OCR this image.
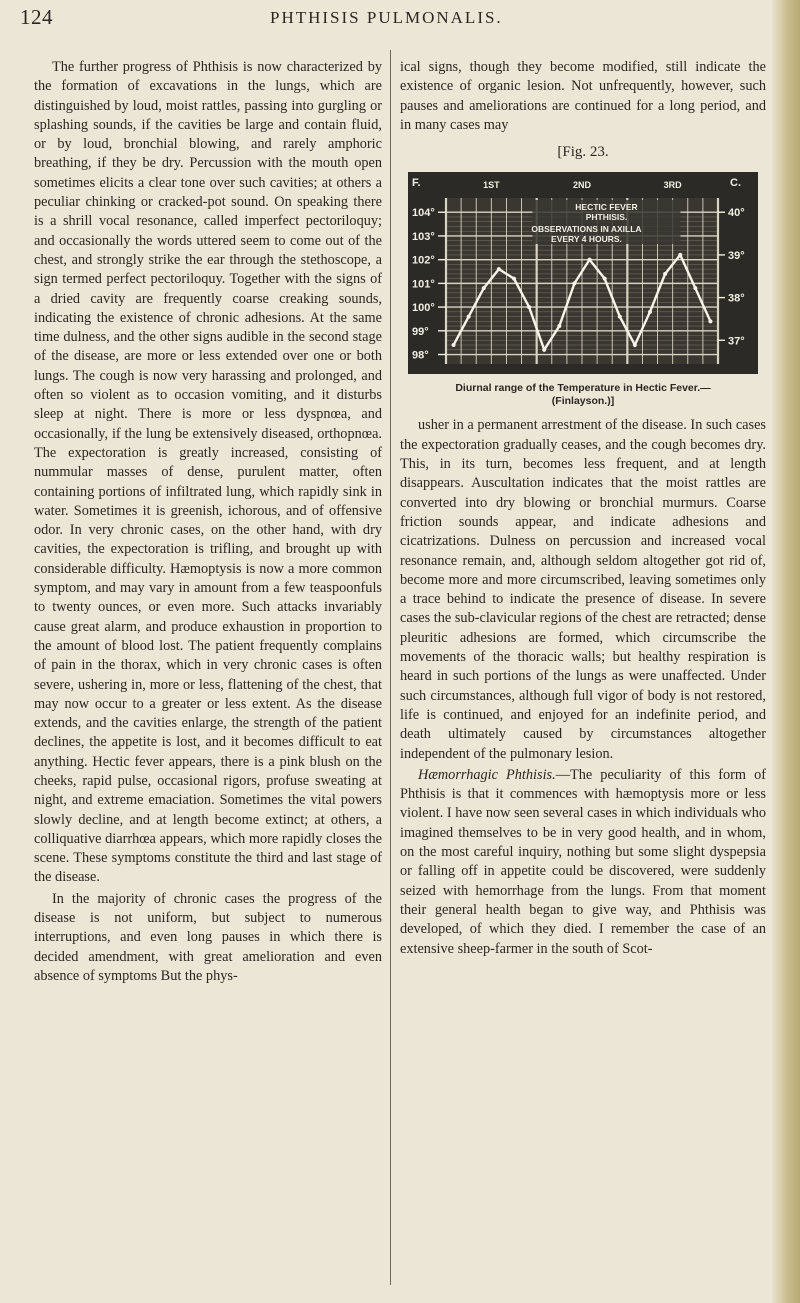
124	PHTHISIS PULMONALIS.

The further progress of Phthisis is now characterized by the formation of excavations in the lungs, which are distinguished by loud, moist rattles, passing into gurgling or splashing sounds, if the cavities be large and contain fluid, or by loud, bronchial blowing, and rarely amphoric breathing, if they be dry. Percussion with the mouth open sometimes elicits a clear tone over such cavities; at others a peculiar chinking or cracked-pot sound. On speaking there is a shrill vocal resonance, called imperfect pectoriloquy; and occasionally the words uttered seem to come out of the chest, and strongly strike the ear through the stethoscope, a sign termed perfect pectoriloquy. Together with the signs of a dried cavity are frequently coarse creaking sounds, indicating the existence of chronic adhesions. At the same time dulness, and the other signs audible in the second stage of the disease, are more or less extended over one or both lungs. The cough is now very harassing and prolonged, and often so violent as to occasion vomiting, and it disturbs sleep at night. There is more or less dyspnœa, and occasionally, if the lung be extensively diseased, orthopnœa. The expectoration is greatly increased, consisting of nummular masses of dense, purulent matter, often containing portions of infiltrated lung, which rapidly sink in water. Sometimes it is greenish, ichorous, and of offensive odor. In very chronic cases, on the other hand, with dry cavities, the expectoration is trifling, and brought up with considerable difficulty. Hæmoptysis is now a more common symptom, and may vary in amount from a few teaspoonfuls to twenty ounces, or even more. Such attacks invariably cause great alarm, and produce exhaustion in proportion to the amount of blood lost. The patient frequently complains of pain in the thorax, which in very chronic cases is often severe, ushering in, more or less, flattening of the chest, that may now occur to a greater or less extent. As the disease extends, and the cavities enlarge, the strength of the patient declines, the appetite is lost, and it becomes difficult to eat anything. Hectic fever appears, there is a pink blush on the cheeks, rapid pulse, occasional rigors, profuse sweating at night, and extreme emaciation. Sometimes the vital powers slowly decline, and at length become extinct; at others, a colliquative diarrhœa appears, which more rapidly closes the scene. These symptoms constitute the third and last stage of the disease.

In the majority of chronic cases the progress of the disease is not uniform, but subject to numerous interruptions, and even long pauses in which there is decided amendment, with great amelioration and even absence of symptoms But the phys-

ical signs, though they become modified, still indicate the existence of organic lesion. Not unfrequently, however, such pauses and ameliorations are continued for a long period, and in many cases may

[Fig. 23.
F.
104°
103°
102°
101°
100°
99°
98°
C.
40°
39°
38°
37°
1ST	2ND	3RD
HECTIC FEVER
PHTHISIS.
OBSERVATIONS IN AXILLA
EVERY 4 HOURS.
Diurnal range of the Temperature in Hectic Fever.—
(Finlayson.)]

usher in a permanent arrestment of the disease. In such cases the expectoration gradually ceases, and the cough becomes dry. This, in its turn, becomes less frequent, and at length disappears. Auscultation indicates that the moist rattles are converted into dry blowing or bronchial murmurs. Coarse friction sounds appear, and indicate adhesions and cicatrizations. Dulness on percussion and increased vocal resonance remain, and, although seldom altogether got rid of, become more and more circumscribed, leaving sometimes only a trace behind to indicate the presence of disease. In severe cases the sub-clavicular regions of the chest are retracted; dense pleuritic adhesions are formed, which circumscribe the movements of the thoracic walls; but healthy respiration is heard in such portions of the lungs as were unaffected. Under such circumstances, although full vigor of body is not restored, life is continued, and enjoyed for an indefinite period, and death ultimately caused by circumstances altogether independent of the pulmonary lesion.

Hæmorrhagic Phthisis.—The peculiarity of this form of Phthisis is that it commences with hæmoptysis more or less violent. I have now seen several cases in which individuals who imagined themselves to be in very good health, and in whom, on the most careful inquiry, nothing but some slight dyspepsia or falling off in appetite could be discovered, were suddenly seized with hemorrhage from the lungs. From that moment their general health began to give way, and Phthisis was developed, of which they died. I remember the case of an extensive sheep-farmer in the south of Scot-
